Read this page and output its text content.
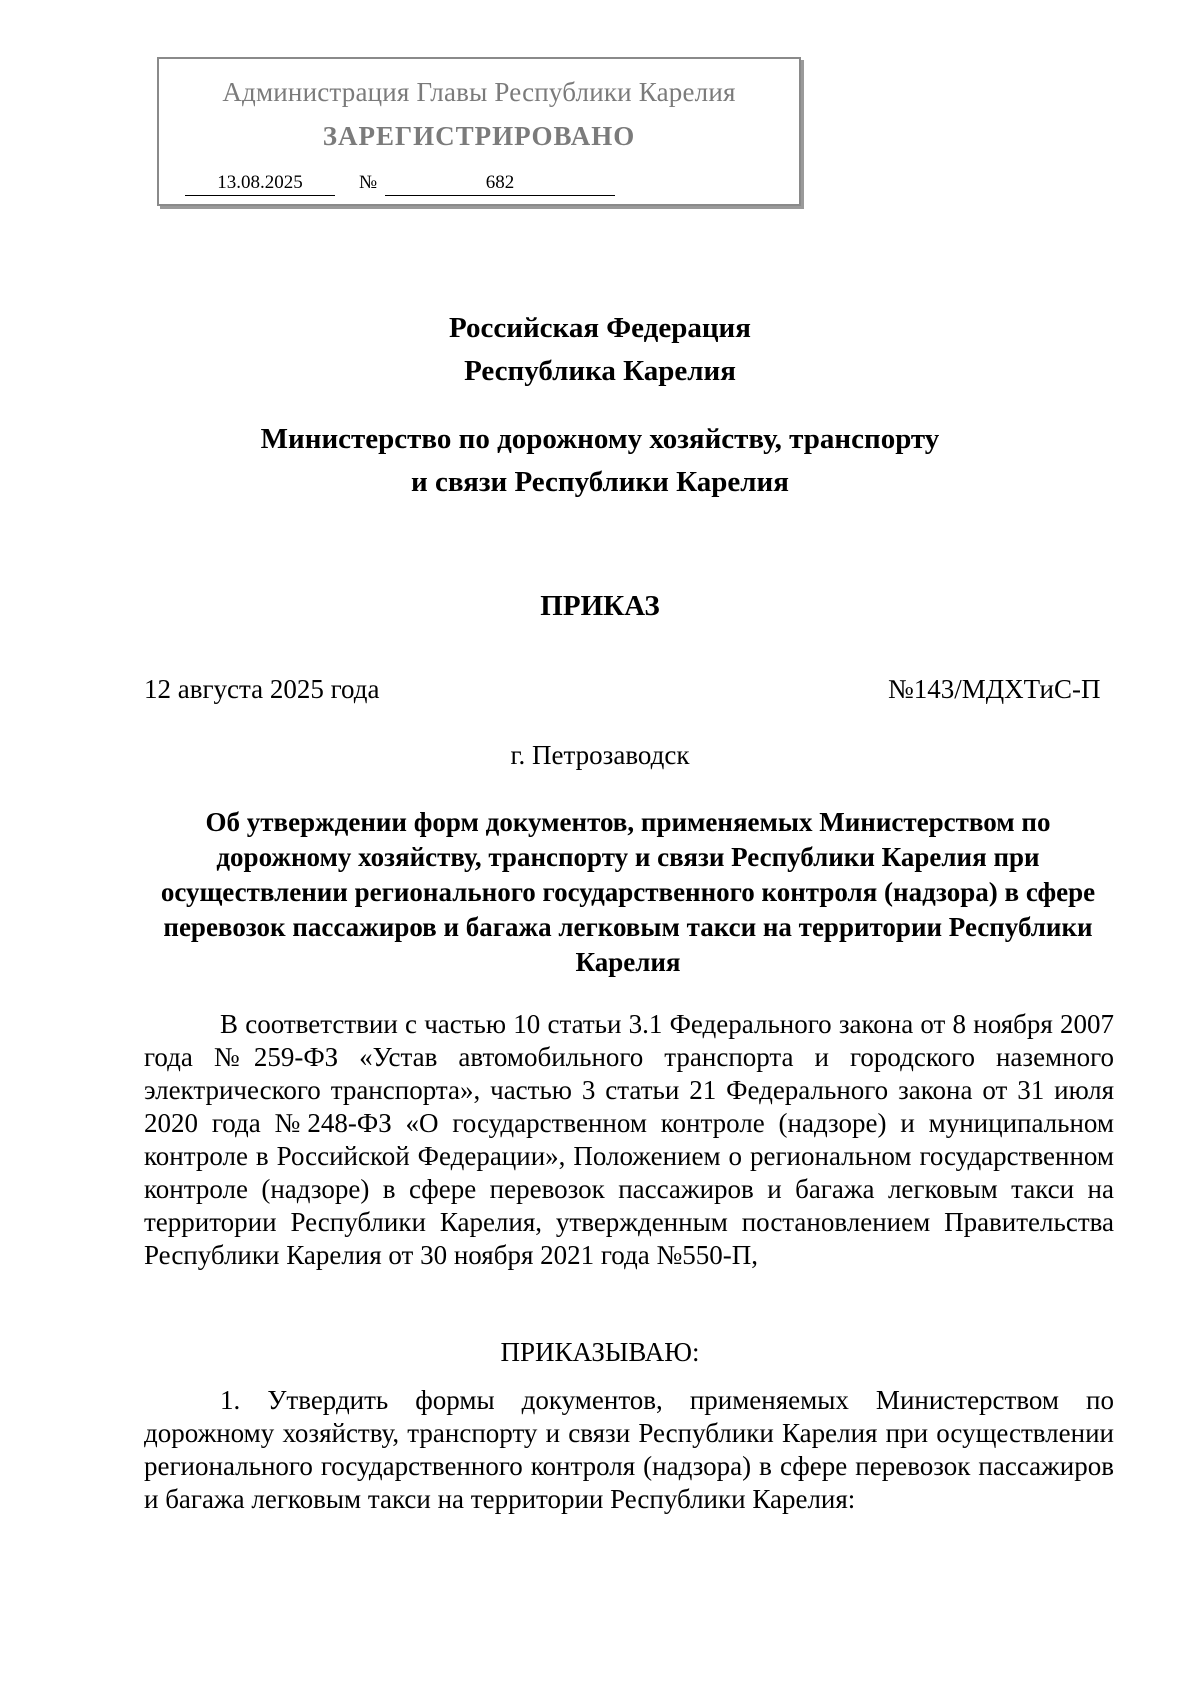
Администрация Главы Республики Карелия
ЗАРЕГИСТРИРОВАНО
13.08.2025	№	682
Российская Федерация
Республика Карелия
Министерство по дорожному хозяйству, транспорту
и связи Республики Карелия
ПРИКАЗ
12 августа 2025 года	№143/МДХТиС-П
г. Петрозаводск

Об утверждении форм документов, применяемых Министерством по дорожному хозяйству, транспорту и связи Республики Карелия при осуществлении регионального государственного контроля (надзора) в сфере перевозок пассажиров и багажа легковым такси на территории Республики Карелия

В соответствии с частью 10 статьи 3.1 Федерального закона от 8 ноября 2007 года №259-ФЗ «Устав автомобильного транспорта и городского наземного электрического транспорта», частью 3 статьи 21 Федерального закона от 31 июля 2020 года №248-ФЗ «О государственном контроле (надзоре) и муниципальном контроле в Российской Федерации», Положением о региональном государственном контроле (надзоре) в сфере перевозок пассажиров и багажа легковым такси на территории Республики Карелия, утвержденным постановлением Правительства Республики Карелия от 30 ноября 2021 года №550-П,

ПРИКАЗЫВАЮ:

1. Утвердить формы документов, применяемых Министерством по дорожному хозяйству, транспорту и связи Республики Карелия при осуществлении регионального государственного контроля (надзора) в сфере перевозок пассажиров и багажа легковым такси на территории Республики Карелия:
